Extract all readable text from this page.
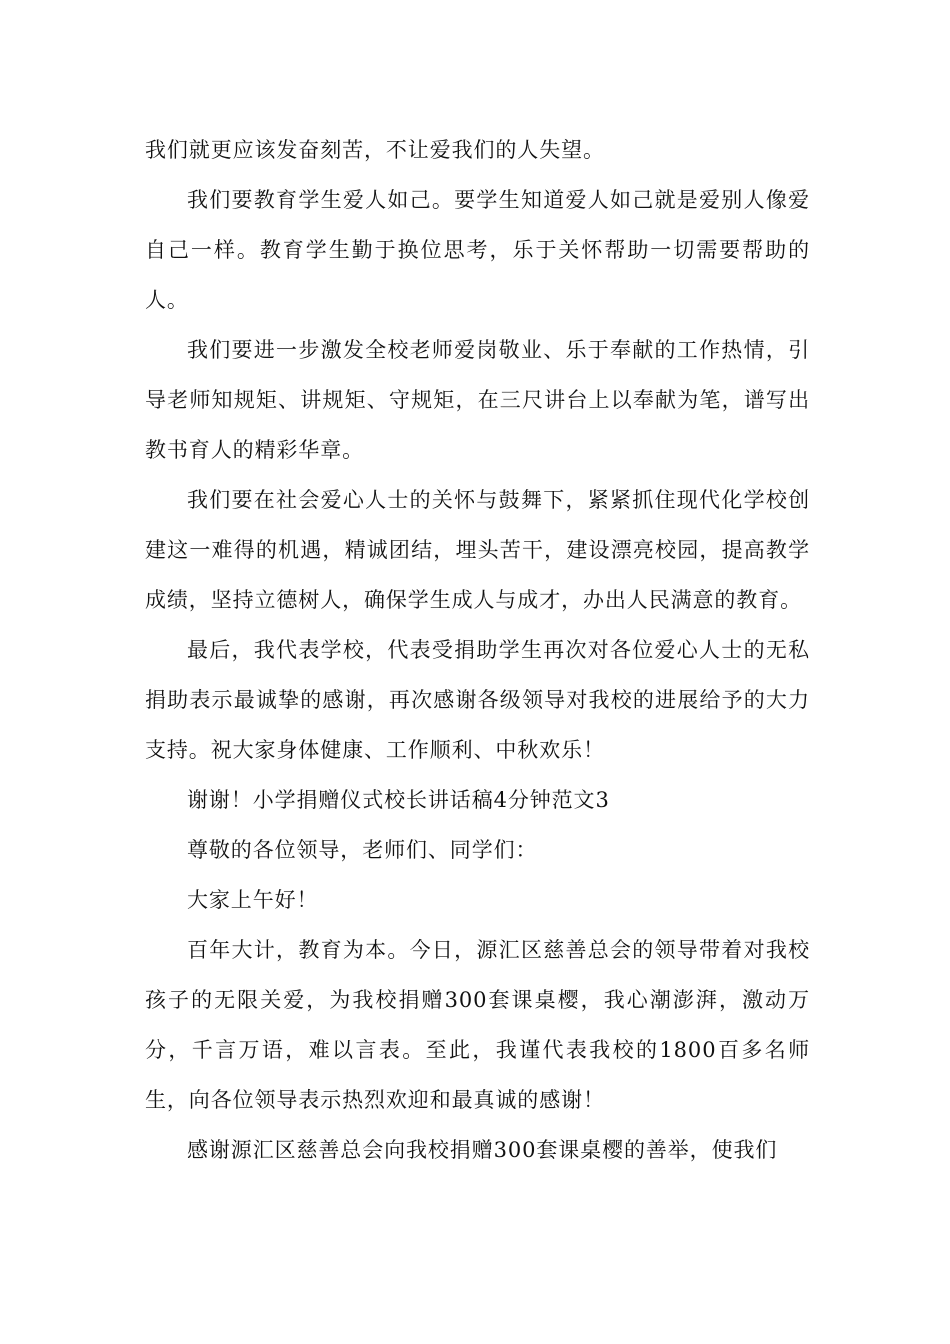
我们就更应该发奋刻苦，不让爱我们的人失望。

我们要教育学生爱人如己。要学生知道爱人如己就是爱别人像爱自己一样。教育学生勤于换位思考，乐于关怀帮助一切需要帮助的人。

我们要进一步激发全校老师爱岗敬业、乐于奉献的工作热情，引导老师知规矩、讲规矩、守规矩，在三尺讲台上以奉献为笔，谱写出教书育人的精彩华章。

我们要在社会爱心人士的关怀与鼓舞下，紧紧抓住现代化学校创建这一难得的机遇，精诚团结，埋头苦干，建设漂亮校园，提高教学成绩，坚持立德树人，确保学生成人与成才，办出人民满意的教育。

最后，我代表学校，代表受捐助学生再次对各位爱心人士的无私捐助表示最诚挚的感谢，再次感谢各级领导对我校的进展给予的大力支持。祝大家身体健康、工作顺利、中秋欢乐！

谢谢！小学捐赠仪式校长讲话稿4分钟范文3

尊敬的各位领导，老师们、同学们：

大家上午好！

百年大计，教育为本。今日，源汇区慈善总会的领导带着对我校孩子的无限关爱，为我校捐赠300套课桌樱，我心潮澎湃，激动万分，千言万语，难以言表。至此，我谨代表我校的1800百多名师生，向各位领导表示热烈欢迎和最真诚的感谢！

感谢源汇区慈善总会向我校捐赠300套课桌樱的善举，使我们
